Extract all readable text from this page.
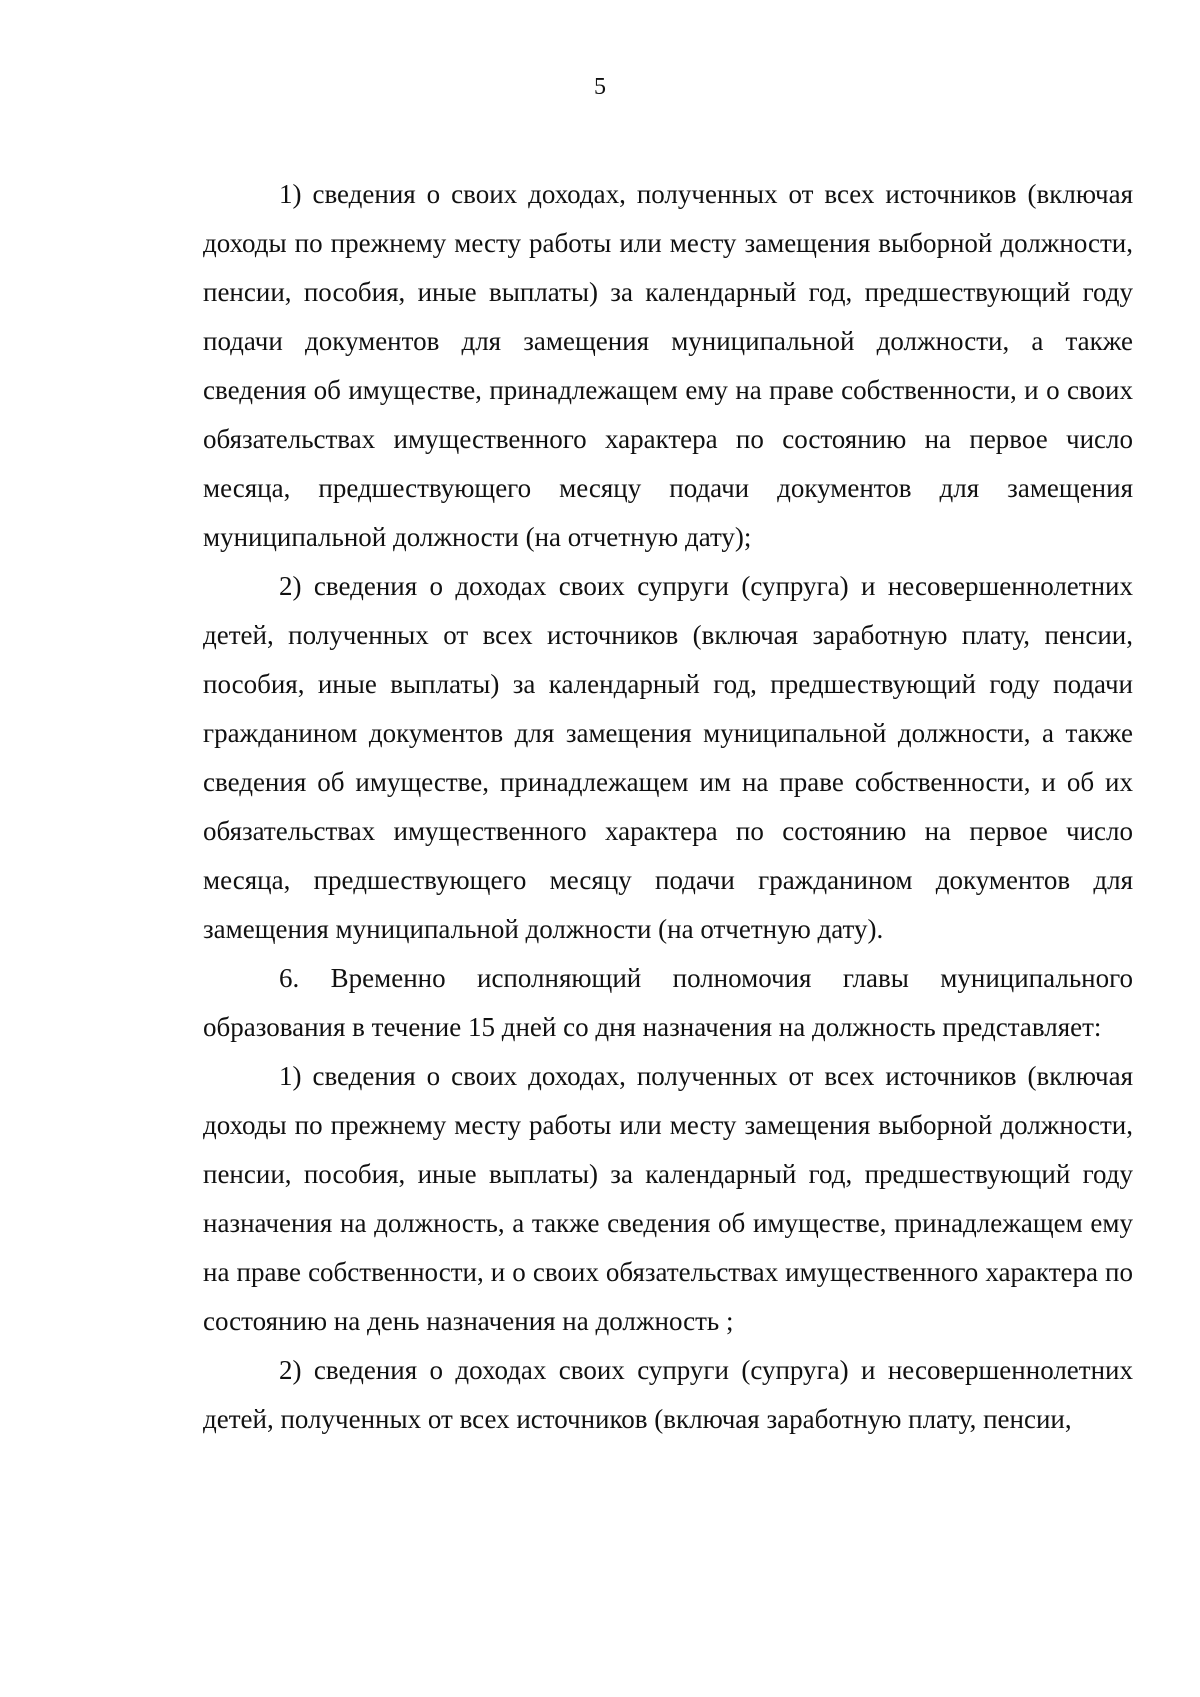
5

1) сведения о своих доходах, полученных от всех источников (включая доходы по прежнему месту работы или месту замещения выборной должности, пенсии, пособия, иные выплаты) за календарный год, предшествующий году подачи документов для замещения муниципальной должности, а также сведения об имуществе, принадлежащем ему на праве собственности, и о своих обязательствах имущественного характера по состоянию на первое число месяца, предшествующего месяцу подачи документов для замещения муниципальной должности (на отчетную дату);

2) сведения о доходах своих супруги (супруга) и несовершеннолетних детей, полученных от всех источников (включая заработную плату, пенсии, пособия, иные выплаты) за календарный год, предшествующий году подачи гражданином документов для замещения муниципальной должности, а также сведения об имуществе, принадлежащем им на праве собственности, и об их обязательствах имущественного характера по состоянию на первое число месяца, предшествующего месяцу подачи гражданином документов для замещения муниципальной должности (на отчетную дату).

6. Временно исполняющий полномочия главы муниципального образования в течение 15 дней со дня назначения на должность представляет:

1) сведения о своих доходах, полученных от всех источников (включая доходы по прежнему месту работы или месту замещения выборной должности, пенсии, пособия, иные выплаты) за календарный год, предшествующий году назначения на должность, а также сведения об имуществе, принадлежащем ему на праве собственности, и о своих обязательствах имущественного характера по состоянию на день назначения на должность ;

2) сведения о доходах своих супруги (супруга) и несовершеннолетних детей, полученных от всех источников (включая заработную плату, пенсии,
